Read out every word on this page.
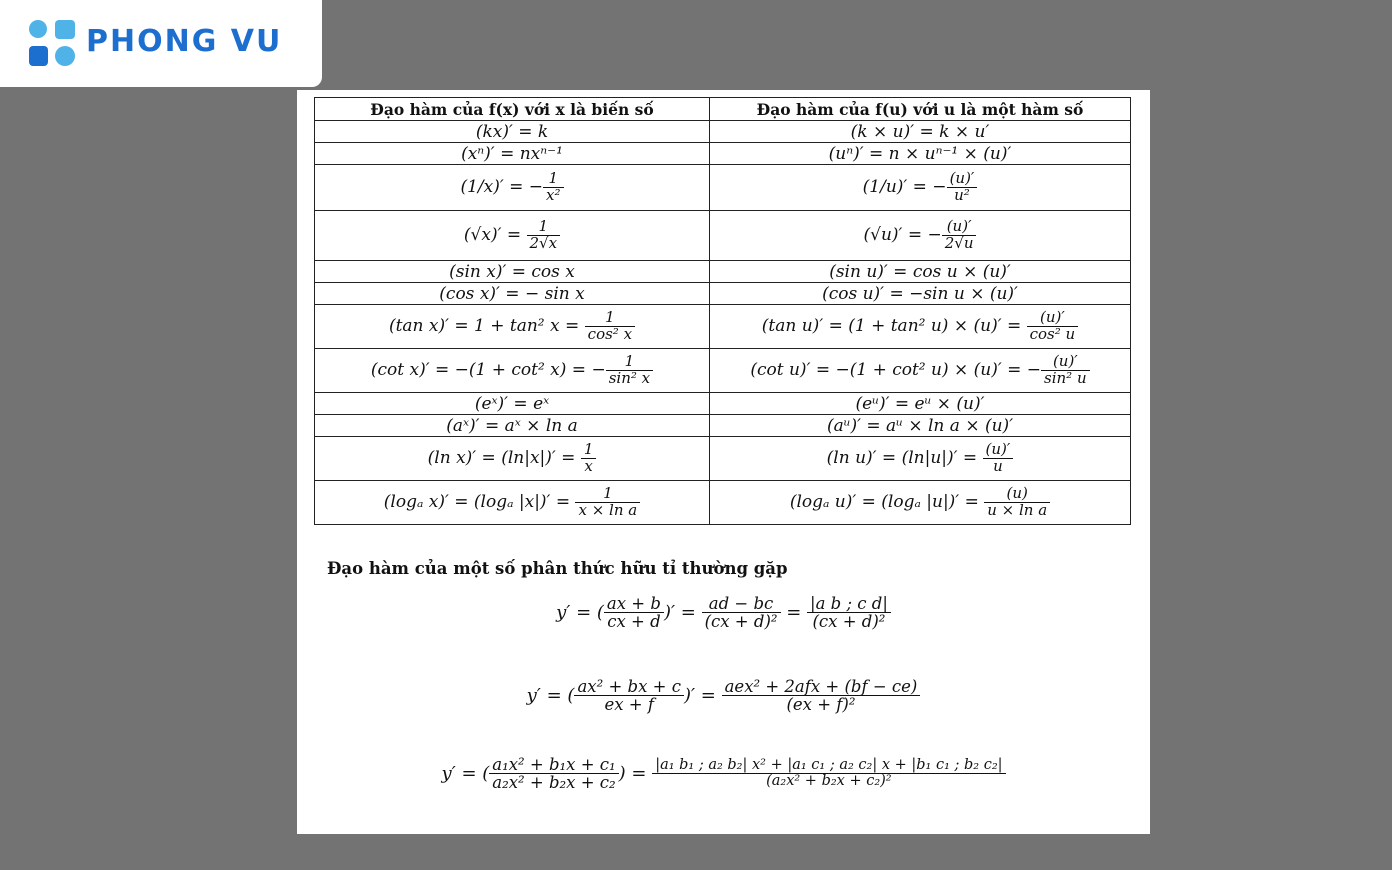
PHONG VU
Đạo hàm của f(x) với x là biến số	Đạo hàm của f(u) với u là một hàm số
(kx)′ = k	(k × u)′ = k × u′
(xⁿ)′ = nxⁿ⁻¹	(uⁿ)′ = n × uⁿ⁻¹ × (u)′
(1/x)′ = − $\frac{1}{\text{x²}}$	(1/u)′ = − $\frac{(u)'}{\text{u²}}$

$(√x)' = \frac{1}{2√x}$	(√u)′ = − $\frac{(u)'}{2√u}$

(sin x)′ = cos x	(sin u)′ = cos u × (u)′
(cos x)′ = − sin x	(cos u)′ = −sin u × (u)′
(tan x)′ = 1 + tan² $x = \frac{1}{\text{cos² x}}$	(tan u)′ = (1 + tan² $u) \times (u)' = \frac{(u)'}{\text{cos² u}}$

(cot x)′ = −(1 + cot² x) = − $\frac{1}{\text{sin² x}}$	(cot u)′ = −(1 + cot² u) × (u)′ = − $\frac{(u)'}{\text{sin² u}}$

(eˣ)′ = eˣ	(eᵘ)′ = eᵘ × (u)′
(aˣ)′ = aˣ × ln a	(aᵘ)′ = aᵘ × ln a × (u)′
(ln $x)' = (\ln|x|)' = \frac{1}{x}$	(ln $u)' = (\ln|u|)' = \frac{(u)'}{u}$

(logₐ x)′ = (logₐ $|x|)' = \frac{1}{\text{x × ln a}}$	(logₐ u)′ = (logₐ $|u|)' = \frac{(u)}{\text{u × ln a}}$
Đạo hàm của một số phân thức hữu tỉ thường gặp
y′ = ( $\frac{ax + b}{cx + d}$ )′ = $\frac{ad - bc}{\text{(cx + d)²}} = \frac{\text{|a b ; c d|}}{\text{(cx + d)²}}$
y′ = ( $\frac{\text{ax² + bx + c}}{ex + f}$ )′ = $\frac{\text{aex² + 2afx + (bf − ce)}}{\text{(ex + f)²}}$
y′ = ( $\frac{\text{a₁x² + b₁x + c₁}}{\text{a₂x² + b₂x + c₂}}$ ) = $\frac{\text{|a₁ b₁ ; a₂ b₂| x² + |a₁ c₁ ; a₂ c₂| x + |b₁ c₁ ; b₂ c₂|}}{\text{(a₂x² + b₂x + c₂)²}}$
